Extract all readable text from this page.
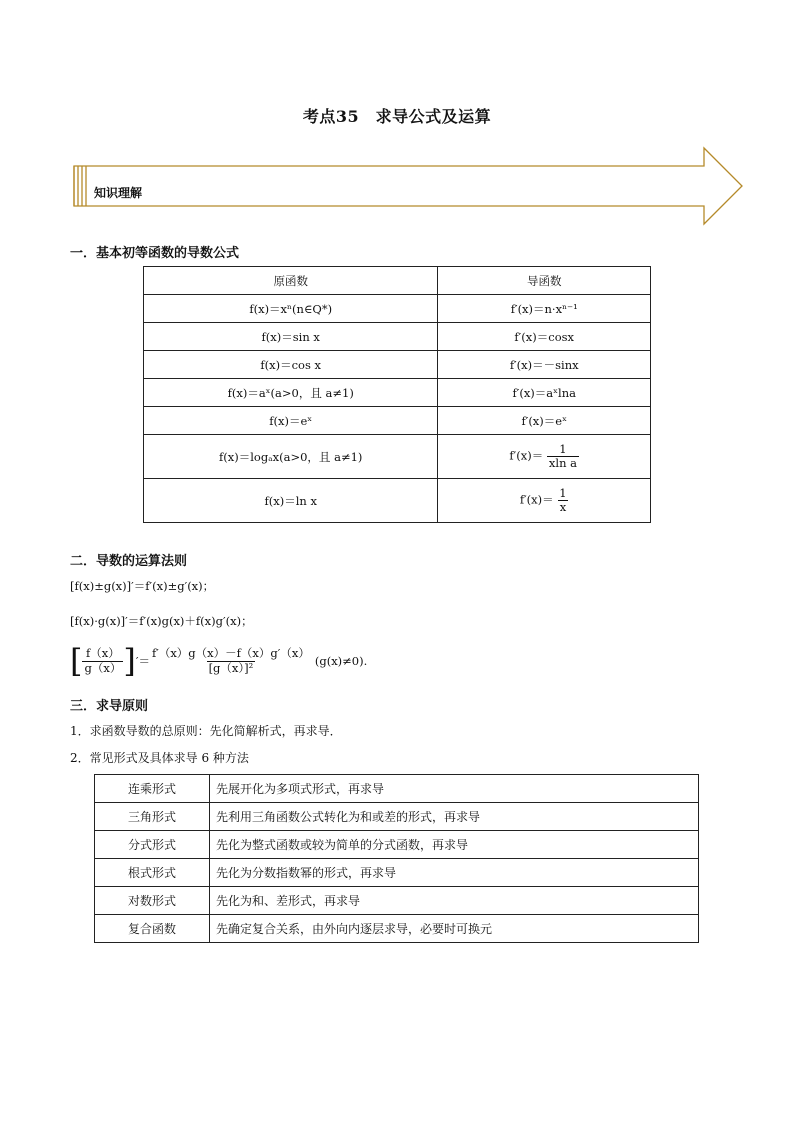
考点35　求导公式及运算
知识理解
一．基本初等函数的导数公式
原函数	导函数
f(x)＝xⁿ(n∈Q*)	f′(x)＝n·xⁿ⁻¹
f(x)＝sin x	f′(x)＝cosx
f(x)＝cos x	f′(x)＝－sinx
f(x)＝aˣ(a>0，且 a≠1)	f′(x)＝aˣlna
f(x)＝eˣ	f′(x)＝eˣ
f(x)＝logₐx(a>0，且 a≠1)	$f'(x)= \frac{1}{\text{xln a}}$

f(x)＝ln x	$f'(x)= \frac{1}{x}$
二．导数的运算法则
[f(x)±g(x)]′＝f′(x)±g′(x)；
[f(x)·g(x)]′＝f′(x)g(x)＋f(x)g′(x)；
[ $\frac{f(x)}{g(x)}$ ] ′＝ $\frac{f'(x)g(x)-f(x)g'(x)}{\text{[g（x）]²}} (g(x)\ne 0)$.
三．求导原则
1．求函数导数的总原则：先化简解析式，再求导．
2．常见形式及具体求导 6 种方法
连乘形式	先展开化为多项式形式，再求导
三角形式	先利用三角函数公式转化为和或差的形式，再求导
分式形式	先化为整式函数或较为简单的分式函数，再求导
根式形式	先化为分数指数幂的形式，再求导
对数形式	先化为和、差形式，再求导
复合函数	先确定复合关系，由外向内逐层求导，必要时可换元
